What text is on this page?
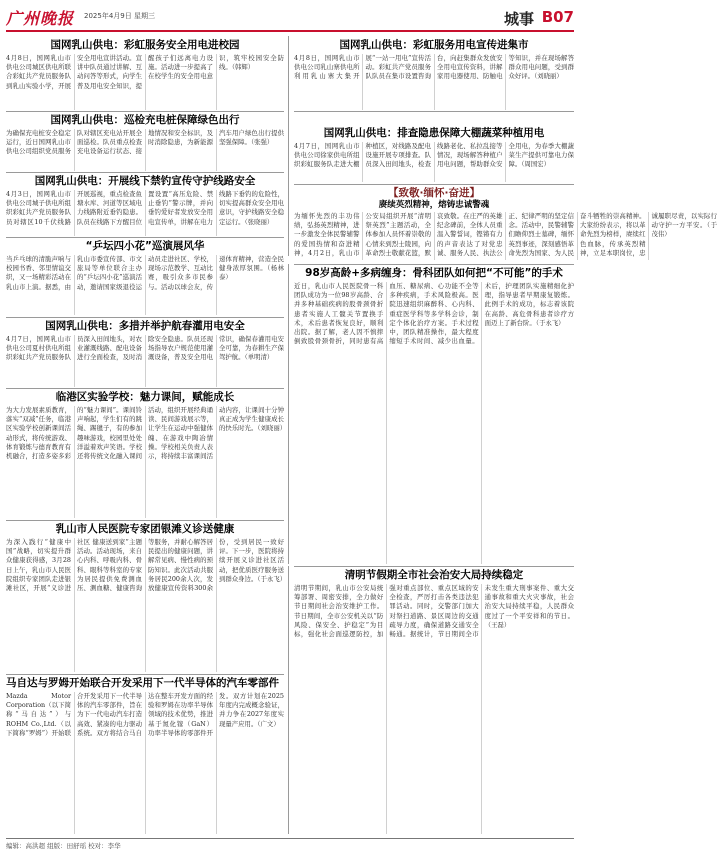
广州晚报 2025年4月9日 星期三	城事 B07
国网乳山供电：彩虹服务安全用电进校园
4月8日，国网乳山市供电公司城区供电所联合彩虹共产党员服务队到乳山实验小学，开展安全用电宣讲活动。宣讲中队员通过讲解、互动问答等形式，向学生普及用电安全知识，提醒孩子们远离电力设施。活动进一步提高了在校学生的安全用电意识，筑牢校园安全防线。（韩辉）
国网乳山供电：彩虹服务用电宣传进集市
4月8日，国网乳山市供电公司乳山寨供电所利用乳山寨大集开展“一站一用电”宣传活动。彩虹共产党员服务队队员在集市设置咨询台，向赶集群众发放安全用电宣传资料，讲解家用电器使用、防触电等知识，并在现场解答群众用电问题，受到群众好评。（刘晓丽）
国网乳山供电：巡检充电桩保障绿色出行
为确保充电桩安全稳定运行，近日国网乳山市供电公司组织党员服务队对辖区充电站开展全面巡检。队员重点检查充电设备运行状态、接地情况和安全标识，及时消除隐患，为新能源汽车用户绿色出行提供坚强保障。（张强）
国网乳山供电：排查隐患保障大棚蔬菜种植用电
4月7日，国网乳山市供电公司徐家供电所组织彩虹服务队走进大棚种植区，对线路及配电设施开展专项排查。队员深入田间地头，检查线路老化、私拉乱接等情况，现场解答种植户用电问题，帮助群众安全用电，为春季大棚蔬菜生产提供可靠电力保障。（周国宏）
国网乳山供电：开展线下禁钓宣传守护线路安全
4月3日，国网乳山市供电公司城子供电所组织彩虹共产党员服务队员对辖区10千伏线路开展巡视，重点检查鱼塘水库、河道等区域电力线路附近垂钓隐患。队员在线路下方醒目位置设置“高压危险、禁止垂钓”警示牌，并向垂钓爱好者发放安全用电宣传单，讲解在电力线路下垂钓的危险性，切实提高群众安全用电意识，守护线路安全稳定运行。（张晓丽）
【致敬·缅怀·奋进】
赓续英烈精神，熔铸忠诚警魂
为缅怀先烈的丰功伟绩，弘扬英烈精神，进一步激发全体民警辅警的爱国热情和奋进精神，4月2日，乳山市公安局组织开展“清明祭英烈”主题活动，全体参加人员怀着崇敬的心情来到烈士陵园，向革命烈士敬献花篮，默哀致敬。在庄严的英雄纪念碑前，全体人员重温入警誓词，铿锵有力的声音表达了对党忠诚、服务人民、执法公正、纪律严明的坚定信念。活动中，民警辅警们瞻仰烈士墓碑，缅怀英烈事迹，深刻感悟革命先烈为国家、为人民奋斗牺牲的崇高精神。大家纷纷表示，将以革命先烈为榜样，赓续红色血脉，传承英烈精神，立足本职岗位，忠诚履职尽责，以实际行动守护一方平安。（于茂伟）
“乒坛四小花”巡演展风华
当乒乓球的清脆声响与校园书香、邻里情谊交织，又一场精彩活动在乳山市上演。据悉，由乳山市委宣传部、市文旅局等单位联合主办的“乒坛四小花”巡演活动，邀请国家级退役运动员走进社区、学校，现场示范教学、互动比赛，吸引众多市民参与。活动以球会友，传递体育精神，营造全民健身浓厚氛围。（杨林泰）
国网乳山供电：多措并举护航春灌用电安全
4月7日，国网乳山市供电公司夏村供电所组织彩虹共产党员服务队员深入田间地头，对农业灌溉线路、配电设备进行全面检查，及时消除安全隐患。队员还现场指导农户规范使用灌溉设备，普及安全用电常识，确保春灌用电安全可靠，为春耕生产保驾护航。（单明清）
98岁高龄+多病缠身：骨科团队如何把“不可能”的手术
近日，乳山市人民医院骨一科团队成功为一位98岁高龄、合并多种基础疾病的股骨颈骨折患者实施人工髋关节置换手术，术后患者恢复良好，顺利出院。据了解，老人因不慎摔倒致股骨颈骨折，同时患有高血压、糖尿病、心功能不全等多种疾病，手术风险极高。医院迅速组织麻醉科、心内科、重症医学科等多学科会诊，制定个体化治疗方案。手术过程中，团队精准操作，最大程度缩短手术时间、减少出血量。术后，护理团队实施精细化护理，指导患者早期康复锻炼。此例手术的成功，标志着该院在高龄、高危骨科患者诊疗方面迈上了新台阶。（于永飞）
临港区实验学校：魅力课间，赋能成长
为大力发展素质教育，落实“双减”任务，临港区实验学校创新课间活动形式，将传统游戏、体育锻炼与德育教育有机融合，打造多姿多彩的“魅力课间”。课间铃声响起，学生们有的跳绳、踢毽子，有的参加趣味游戏，校园里处处洋溢着欢声笑语。学校还将传统文化融入课间活动，组织开展经典诵读、民间游戏展示等，让学生在运动中强健体魄、在游戏中陶冶情操。学校相关负责人表示，将持续丰富课间活动内容，让课间十分钟真正成为学生健康成长的快乐时光。（刘晓丽）
乳山市人民医院专家团银滩义诊送健康
为深入践行“健康中国”战略，切实提升群众健康获得感，3月28日上午，乳山市人民医院组织专家团队走进银滩社区，开展“义诊进社区 健康送到家”主题活动。活动现场，来自心内科、呼吸内科、骨科、眼科等科室的专家为居民提供免费测血压、测血糖、健康咨询等服务，并耐心解答居民提出的健康问题，讲解常见病、慢性病的预防知识。此次活动共服务居民200余人次，发放健康宣传资料300余份，受到居民一致好评。下一步，医院将持续开展义诊进社区活动，把优质医疗服务送到群众身边。（于永飞）	清明节假期全市社会治安大局持续稳定
清明节期间，乳山市公安局统筹部署、周密安排，全力做好节日期间社会治安维护工作。节日期间，全市公安机关以“防风险、保安全、护稳定”为目标，强化社会面巡逻防控，加强对重点部位、重点区域的安全检查，严厉打击各类违法犯罪活动。同时，交警部门加大对祭扫道路、景区周边的交通疏导力度，确保道路交通安全畅通。据统计，节日期间全市未发生重大刑事案件、重大交通事故和重大火灾事故，社会治安大局持续平稳，人民群众度过了一个平安祥和的节日。（王磊）
马自达与罗姆开始联合开发采用下一代半导体的汽车零部件
Mazda Motor Corporation（以下简称“马自达”）与ROHM Co.,Ltd.（以下简称“罗姆”）开始联合开发采用下一代半导体的汽车零部件，旨在为下一代电动汽车打造高效、紧凑的电力驱动系统。双方将结合马自达在整车开发方面的经验和罗姆在功率半导体领域的技术优势，推进基于氮化镓（GaN）功率半导体的零部件开发。双方计划在2025年度内完成概念验证，并力争在2027年度实现量产应用。（广文）
编辑：高洪超 组版：田舒瑶 校对：李华
